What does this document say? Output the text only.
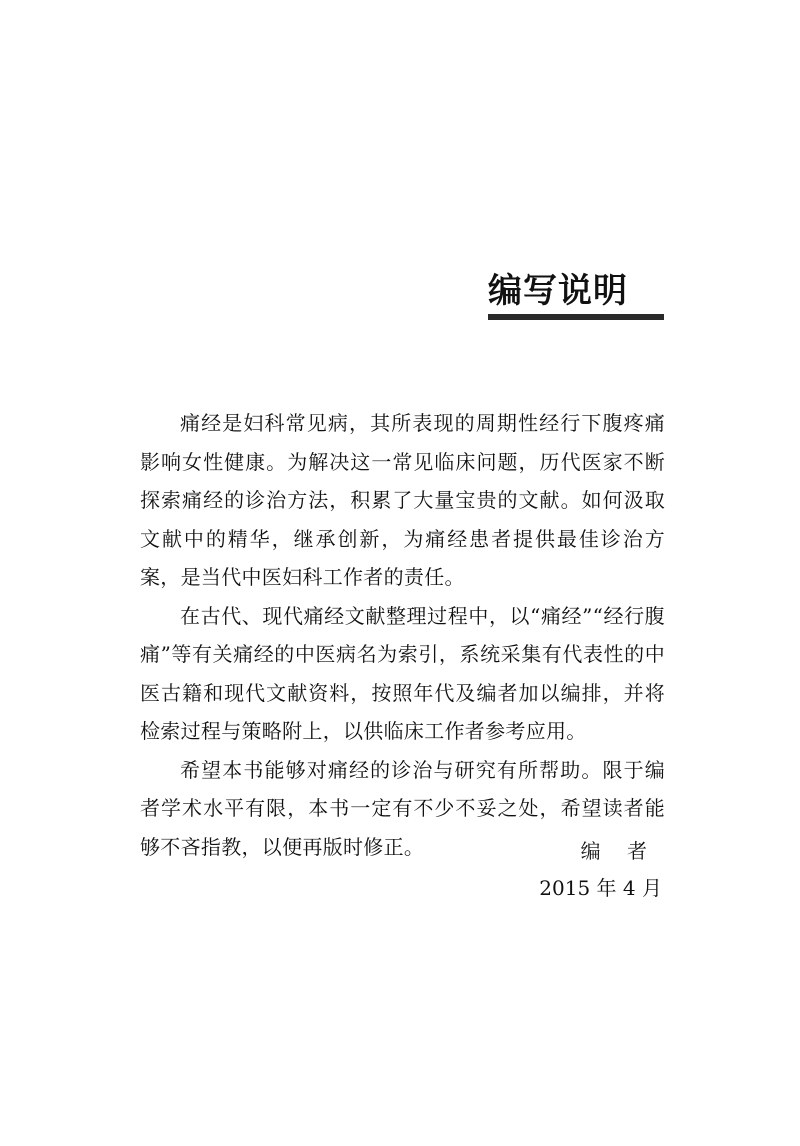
编写说明

痛经是妇科常见病，其所表现的周期性经行下腹疼痛影响女性健康。为解决这一常见临床问题，历代医家不断探索痛经的诊治方法，积累了大量宝贵的文献。如何汲取文献中的精华，继承创新，为痛经患者提供最佳诊治方案，是当代中医妇科工作者的责任。

在古代、现代痛经文献整理过程中，以“痛经”“经行腹痛”等有关痛经的中医病名为索引，系统采集有代表性的中医古籍和现代文献资料，按照年代及编者加以编排，并将检索过程与策略附上，以供临床工作者参考应用。

希望本书能够对痛经的诊治与研究有所帮助。限于编者学术水平有限，本书一定有不少不妥之处，希望读者能够不吝指教，以便再版时修正。	编 者
2015 年 4 月
